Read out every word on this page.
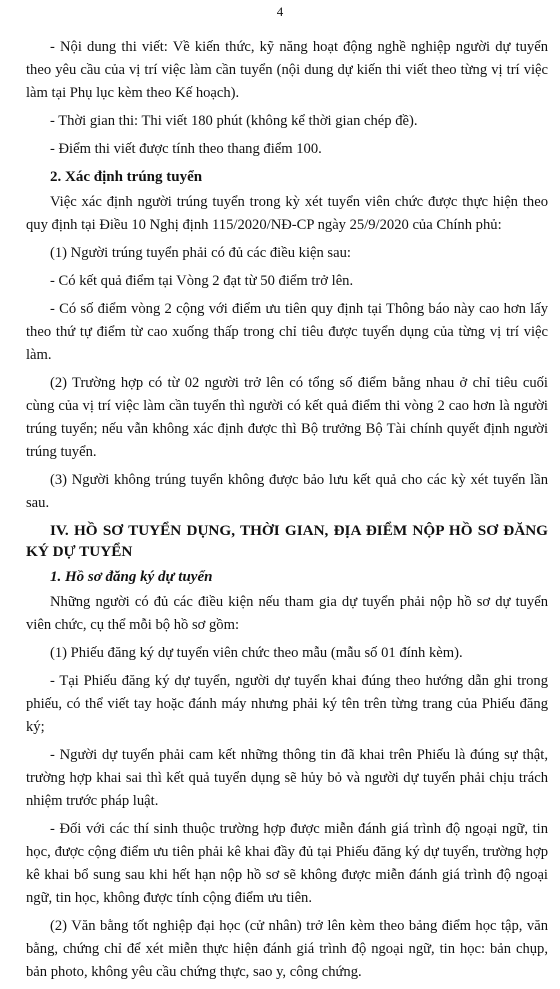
4

- Nội dung thi viết: Về kiến thức, kỹ năng hoạt động nghề nghiệp người dự tuyển theo yêu cầu của vị trí việc làm cần tuyển (nội dung dự kiến thi viết theo từng vị trí việc làm tại Phụ lục kèm theo Kế hoạch).

- Thời gian thi: Thi viết 180 phút (không kể thời gian chép đề).

- Điểm thi viết được tính theo thang điểm 100.

2. Xác định trúng tuyển

Việc xác định người trúng tuyển trong kỳ xét tuyển viên chức được thực hiện theo quy định tại Điều 10 Nghị định 115/2020/NĐ-CP ngày 25/9/2020 của Chính phủ:

(1) Người trúng tuyển phải có đủ các điều kiện sau:

- Có kết quả điểm tại Vòng 2 đạt từ 50 điểm trở lên.

- Có số điểm vòng 2 cộng với điểm ưu tiên quy định tại Thông báo này cao hơn lấy theo thứ tự điểm từ cao xuống thấp trong chỉ tiêu được tuyển dụng của từng vị trí việc làm.

(2) Trường hợp có từ 02 người trở lên có tổng số điểm bằng nhau ở chỉ tiêu cuối cùng của vị trí việc làm cần tuyển thì người có kết quả điểm thi vòng 2 cao hơn là người trúng tuyển; nếu vẫn không xác định được thì Bộ trưởng Bộ Tài chính quyết định người trúng tuyển.

(3) Người không trúng tuyển không được bảo lưu kết quả cho các kỳ xét tuyển lần sau.

IV. HỒ SƠ TUYỂN DỤNG, THỜI GIAN, ĐỊA ĐIỂM NỘP HỒ SƠ ĐĂNG KÝ DỰ TUYỂN
1. Hồ sơ đăng ký dự tuyển

Những người có đủ các điều kiện nếu tham gia dự tuyển phải nộp hồ sơ dự tuyển viên chức, cụ thể mỗi bộ hồ sơ gồm:

(1) Phiếu đăng ký dự tuyển viên chức theo mẫu (mẫu số 01 đính kèm).

- Tại Phiếu đăng ký dự tuyển, người dự tuyển khai đúng theo hướng dẫn ghi trong phiếu, có thể viết tay hoặc đánh máy nhưng phải ký tên trên từng trang của Phiếu đăng ký;

- Người dự tuyển phải cam kết những thông tin đã khai trên Phiếu là đúng sự thật, trường hợp khai sai thì kết quả tuyển dụng sẽ hủy bỏ và người dự tuyển phải chịu trách nhiệm trước pháp luật.

- Đối với các thí sinh thuộc trường hợp được miễn đánh giá trình độ ngoại ngữ, tin học, được cộng điểm ưu tiên phải kê khai đầy đủ tại Phiếu đăng ký dự tuyển, trường hợp kê khai bổ sung sau khi hết hạn nộp hồ sơ sẽ không được miễn đánh giá trình độ ngoại ngữ, tin học, không được tính cộng điểm ưu tiên.

(2) Văn bằng tốt nghiệp đại học (cử nhân) trở lên kèm theo bảng điểm học tập, văn bằng, chứng chỉ để xét miễn thực hiện đánh giá trình độ ngoại ngữ, tin học: bản chụp, bản photo, không yêu cầu chứng thực, sao y, công chứng.
